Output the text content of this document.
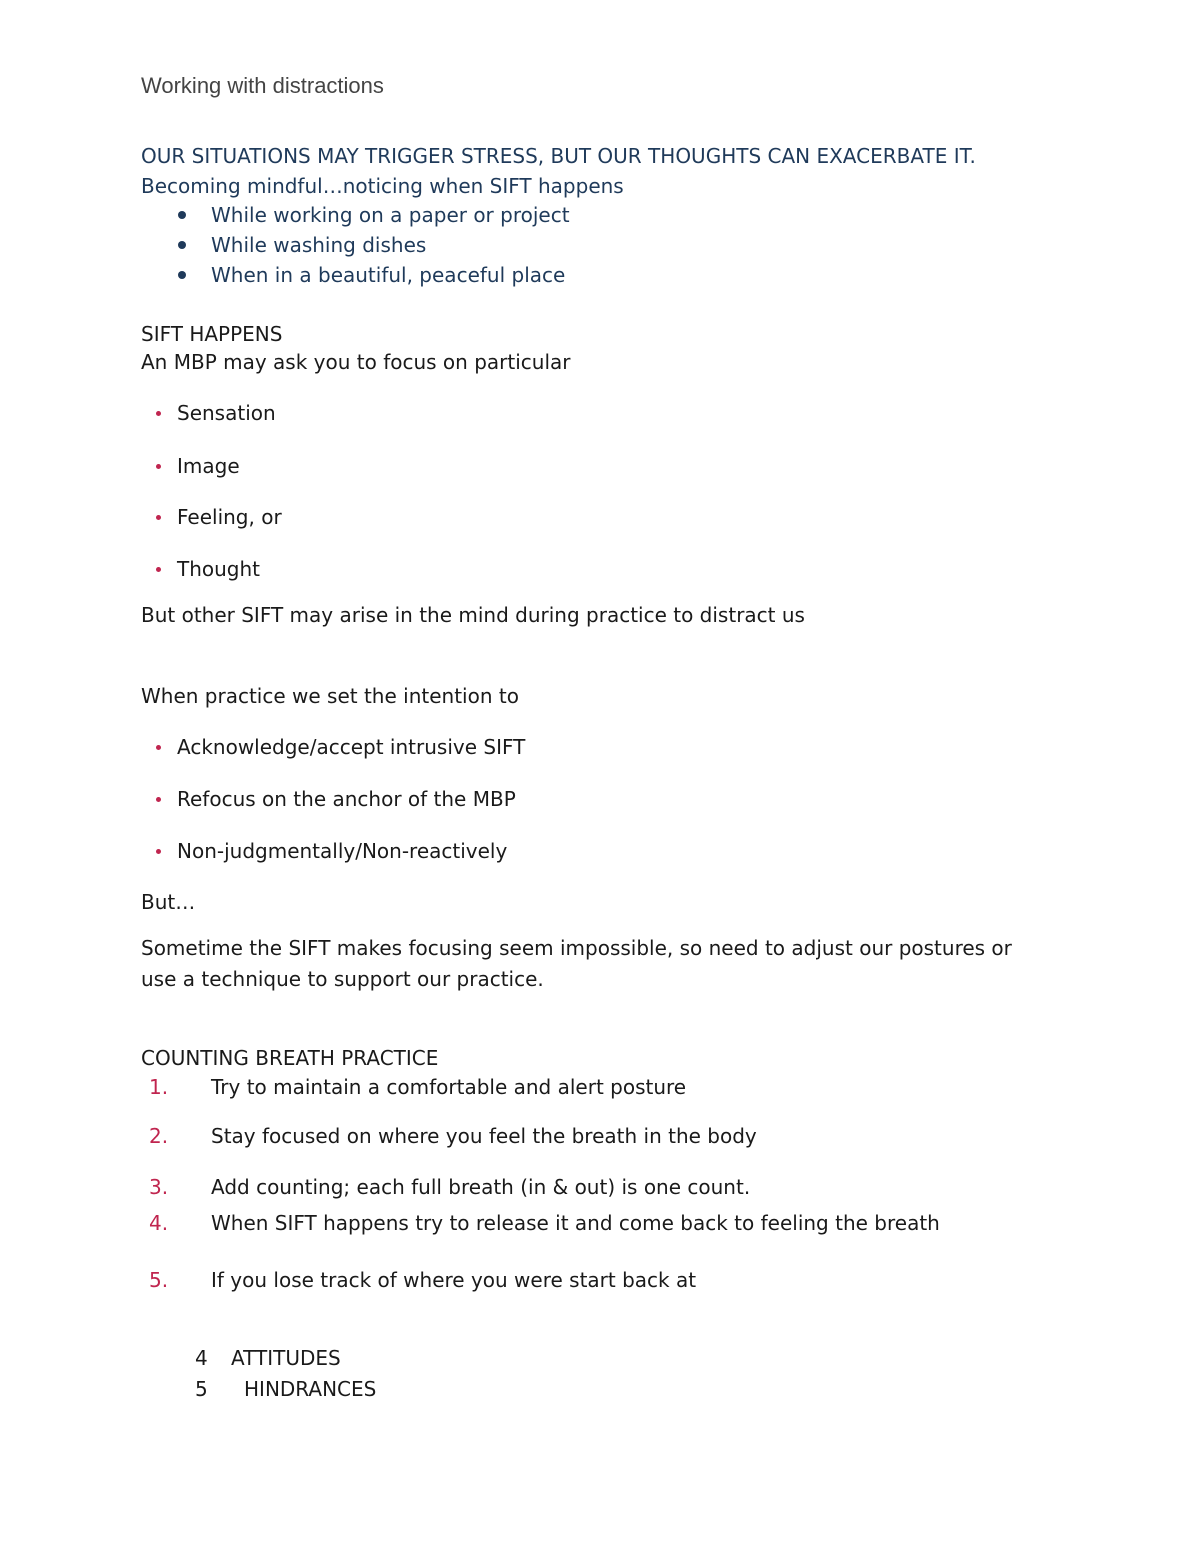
Working with distractions
OUR SITUATIONS MAY TRIGGER STRESS, BUT OUR THOUGHTS CAN EXACERBATE IT.
Becoming mindful…noticing when SIFT happens
While working on a paper or project
While washing dishes
When in a beautiful, peaceful place
SIFT HAPPENS
An MBP may ask you to focus on particular
Sensation
Image
Feeling, or
Thought
But other SIFT may arise in the mind during practice to distract us
When practice we set the intention to
Acknowledge/accept intrusive SIFT
Refocus on the anchor of the MBP
Non-judgmentally/Non-reactively
But…
Sometime the SIFT makes focusing seem impossible, so need to adjust our postures or
use a technique to support our practice.
COUNTING BREATH PRACTICE
1. Try to maintain a comfortable and alert posture
2. Stay focused on where you feel the breath in the body
3. Add counting; each full breath (in & out) is one count.
4. When SIFT happens try to release it and come back to feeling the breath
5. If you lose track of where you were start back at
4 ATTITUDES
5 HINDRANCES
